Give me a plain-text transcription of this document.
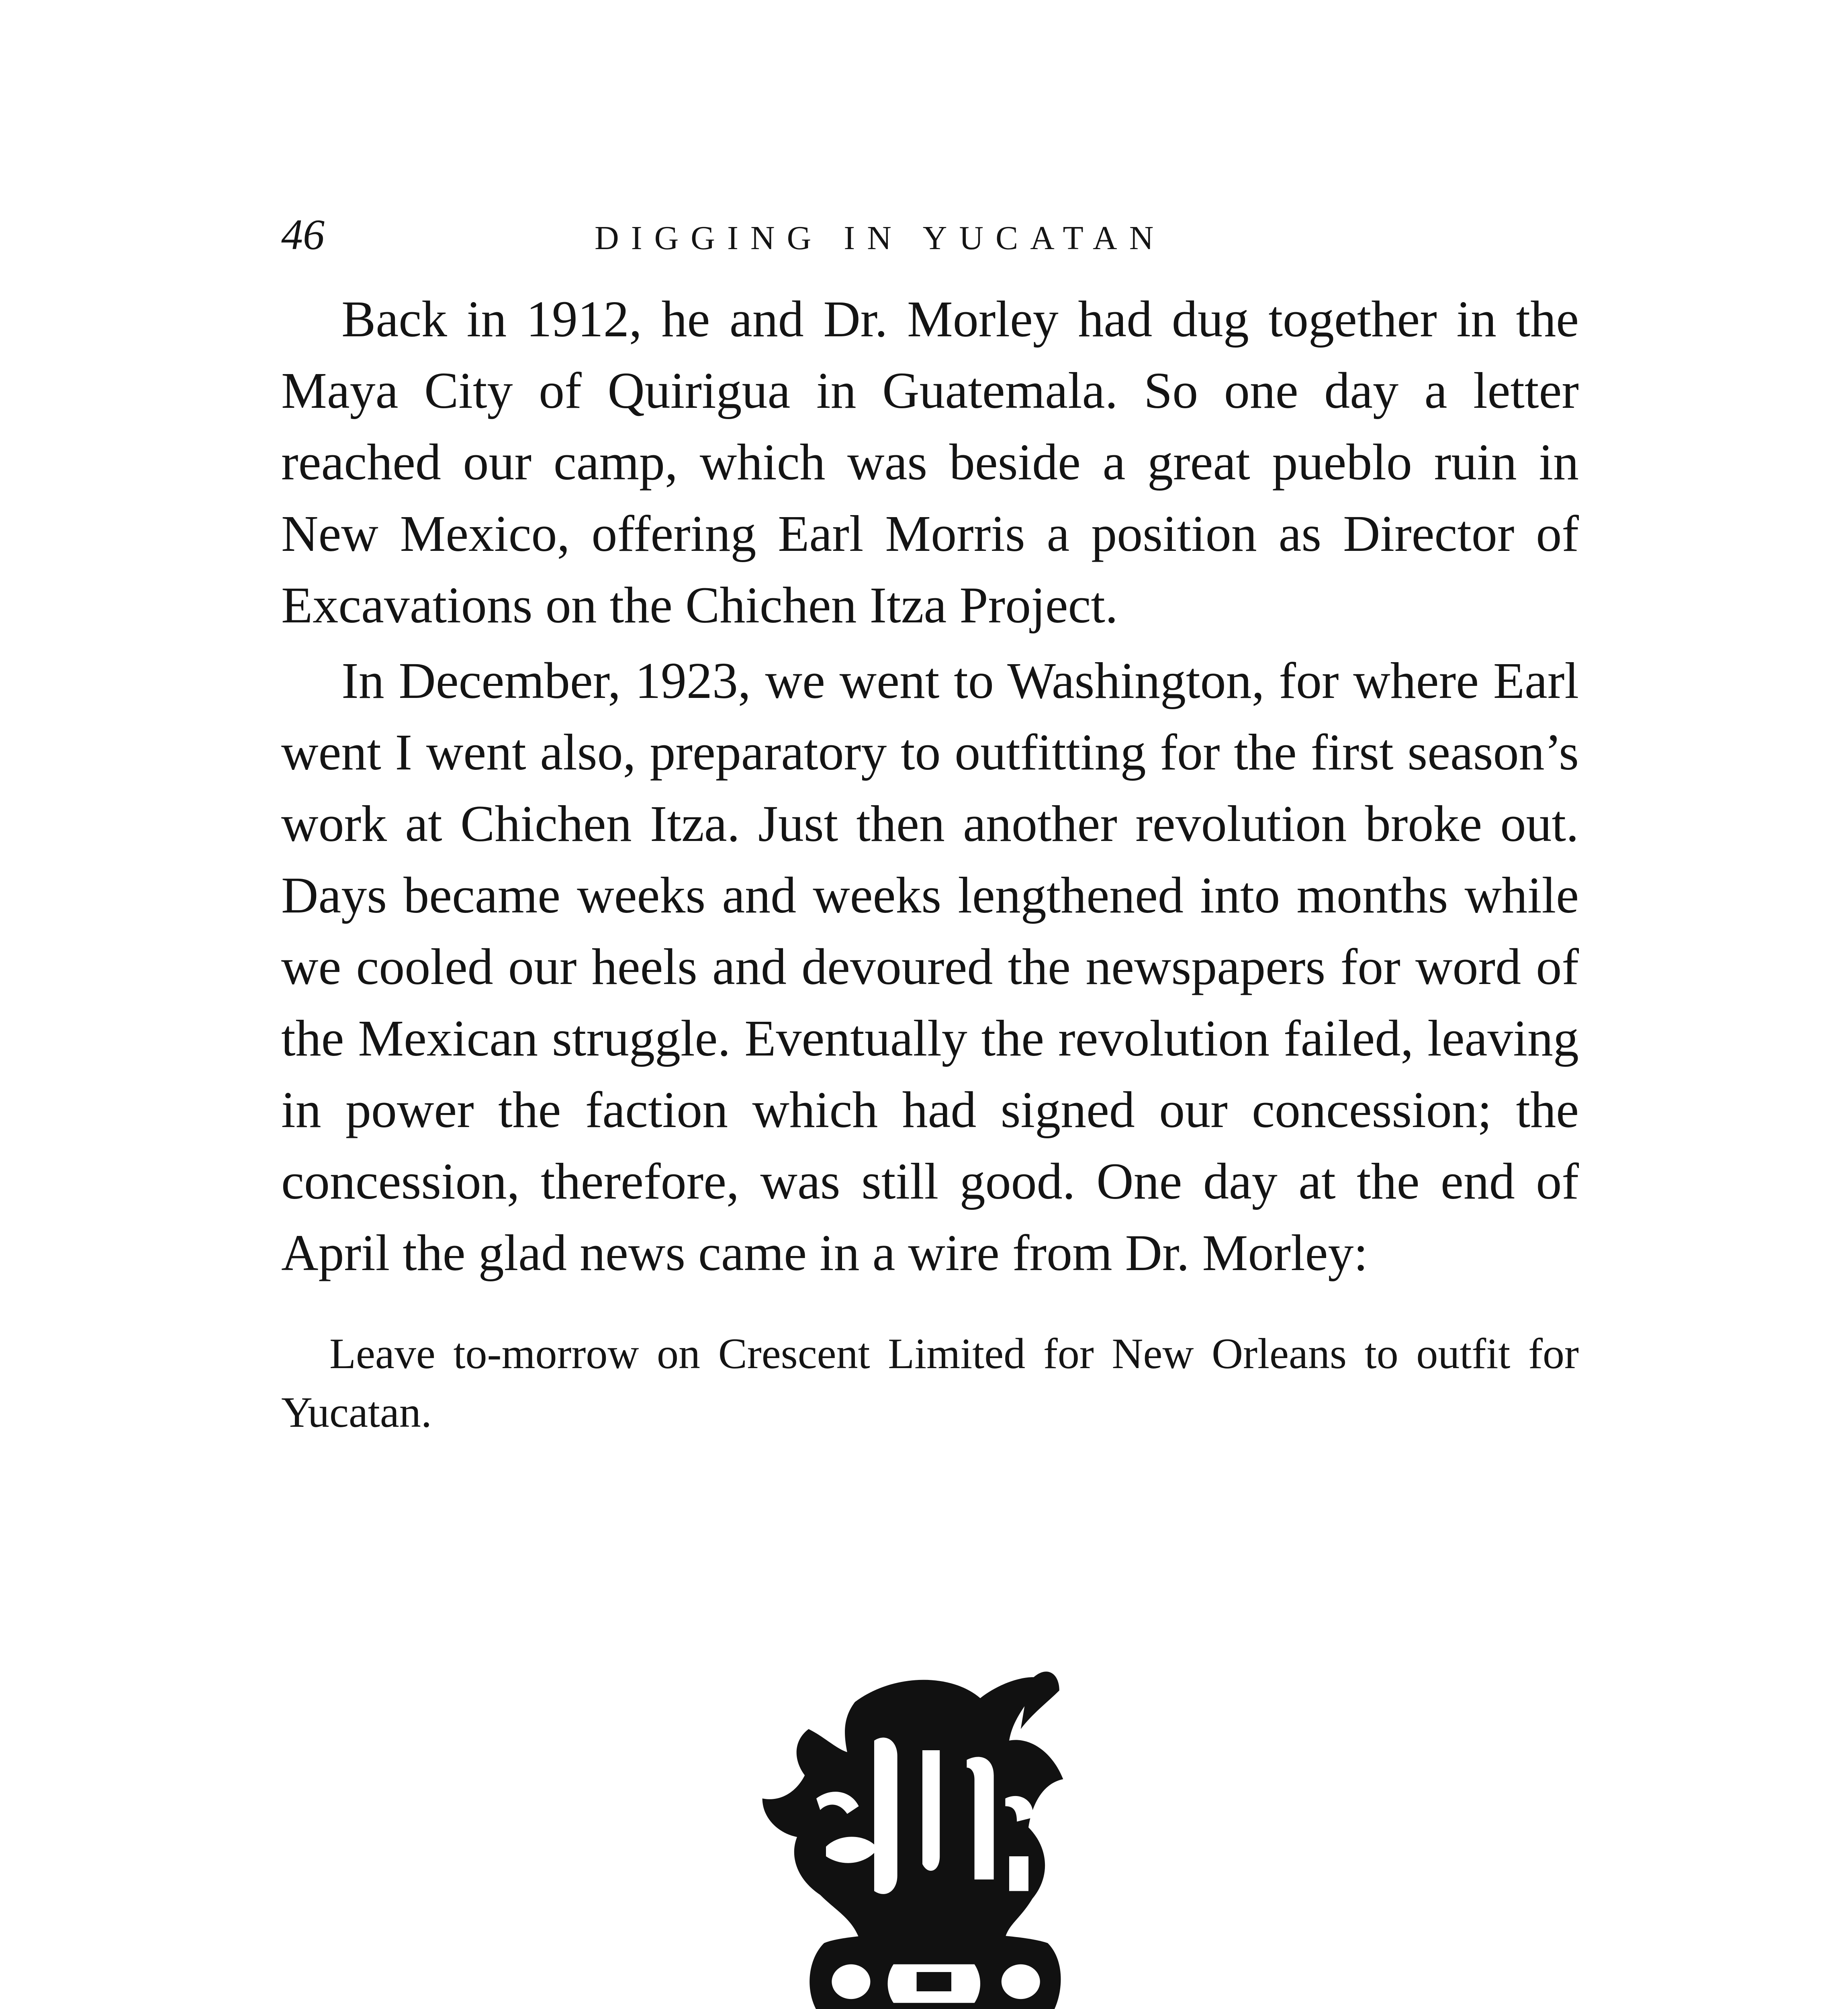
46	DIGGING IN YUCATAN

Back in 1912, he and Dr. Morley had dug together in the Maya City of Quirigua in Guatemala. So one day a letter reached our camp, which was beside a great pueblo ruin in New Mexico, offering Earl Morris a position as Director of Excavations on the Chichen Itza Project.

In December, 1923, we went to Washington, for where Earl went I went also, preparatory to outfitting for the first season’s work at Chichen Itza. Just then another revolution broke out. Days became weeks and weeks lengthened into months while we cooled our heels and devoured the newspapers for word of the Mexican struggle. Eventually the revolution failed, leaving in power the faction which had signed our concession; the concession, therefore, was still good. One day at the end of April the glad news came in a wire from Dr. Morley:

Leave to-morrow on Crescent Limited for New Orleans to outfit for Yucatan.
